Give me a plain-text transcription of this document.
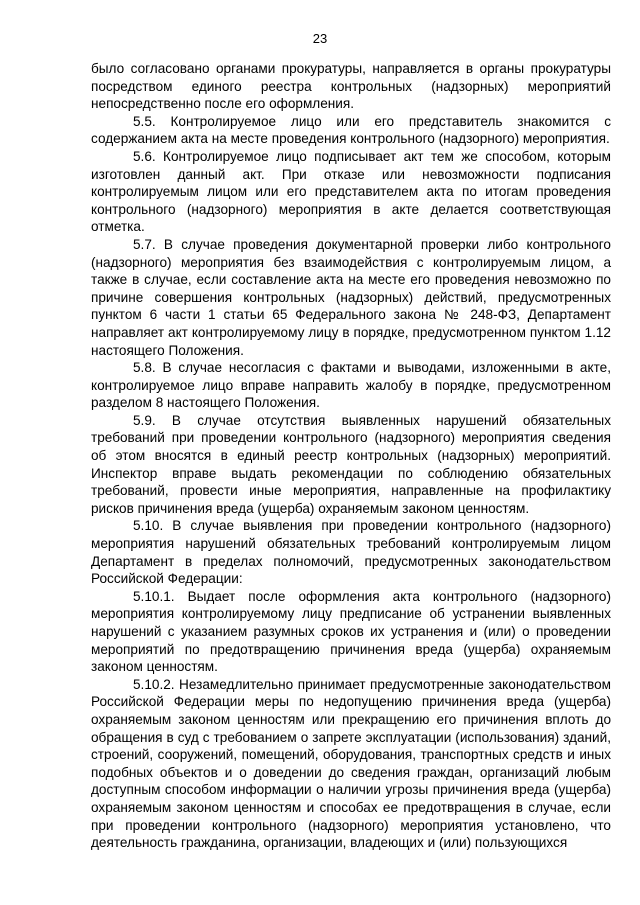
23

было согласовано органами прокуратуры, направляется в органы прокуратуры посредством единого реестра контрольных (надзорных) мероприятий непосредственно после его оформления.

5.5. Контролируемое лицо или его представитель знакомится с содержанием акта на месте проведения контрольного (надзорного) мероприятия.

5.6. Контролируемое лицо подписывает акт тем же способом, которым изготовлен данный акт. При отказе или невозможности подписания контролируемым лицом или его представителем акта по итогам проведения контрольного (надзорного) мероприятия в акте делается соответствующая отметка.

5.7. В случае проведения документарной проверки либо контрольного (надзорного) мероприятия без взаимодействия с контролируемым лицом, а также в случае, если составление акта на месте его проведения невозможно по причине совершения контрольных (надзорных) действий, предусмотренных пунктом 6 части 1 статьи 65 Федерального закона № 248-ФЗ, Департамент направляет акт контролируемому лицу в порядке, предусмотренном пунктом 1.12 настоящего Положения.

5.8. В случае несогласия с фактами и выводами, изложенными в акте, контролируемое лицо вправе направить жалобу в порядке, предусмотренном разделом 8 настоящего Положения.

5.9. В случае отсутствия выявленных нарушений обязательных требований при проведении контрольного (надзорного) мероприятия сведения об этом вносятся в единый реестр контрольных (надзорных) мероприятий. Инспектор вправе выдать рекомендации по соблюдению обязательных требований, провести иные мероприятия, направленные на профилактику рисков причинения вреда (ущерба) охраняемым законом ценностям.

5.10. В случае выявления при проведении контрольного (надзорного) мероприятия нарушений обязательных требований контролируемым лицом Департамент в пределах полномочий, предусмотренных законодательством Российской Федерации:

5.10.1. Выдает после оформления акта контрольного (надзорного) мероприятия контролируемому лицу предписание об устранении выявленных нарушений с указанием разумных сроков их устранения и (или) о проведении мероприятий по предотвращению причинения вреда (ущерба) охраняемым законом ценностям.

5.10.2. Незамедлительно принимает предусмотренные законодательством Российской Федерации меры по недопущению причинения вреда (ущерба) охраняемым законом ценностям или прекращению его причинения вплоть до обращения в суд с требованием о запрете эксплуатации (использования) зданий, строений, сооружений, помещений, оборудования, транспортных средств и иных подобных объектов и о доведении до сведения граждан, организаций любым доступным способом информации о наличии угрозы причинения вреда (ущерба) охраняемым законом ценностям и способах ее предотвращения в случае, если при проведении контрольного (надзорного) мероприятия установлено, что деятельность гражданина, организации, владеющих и (или) пользующихся
